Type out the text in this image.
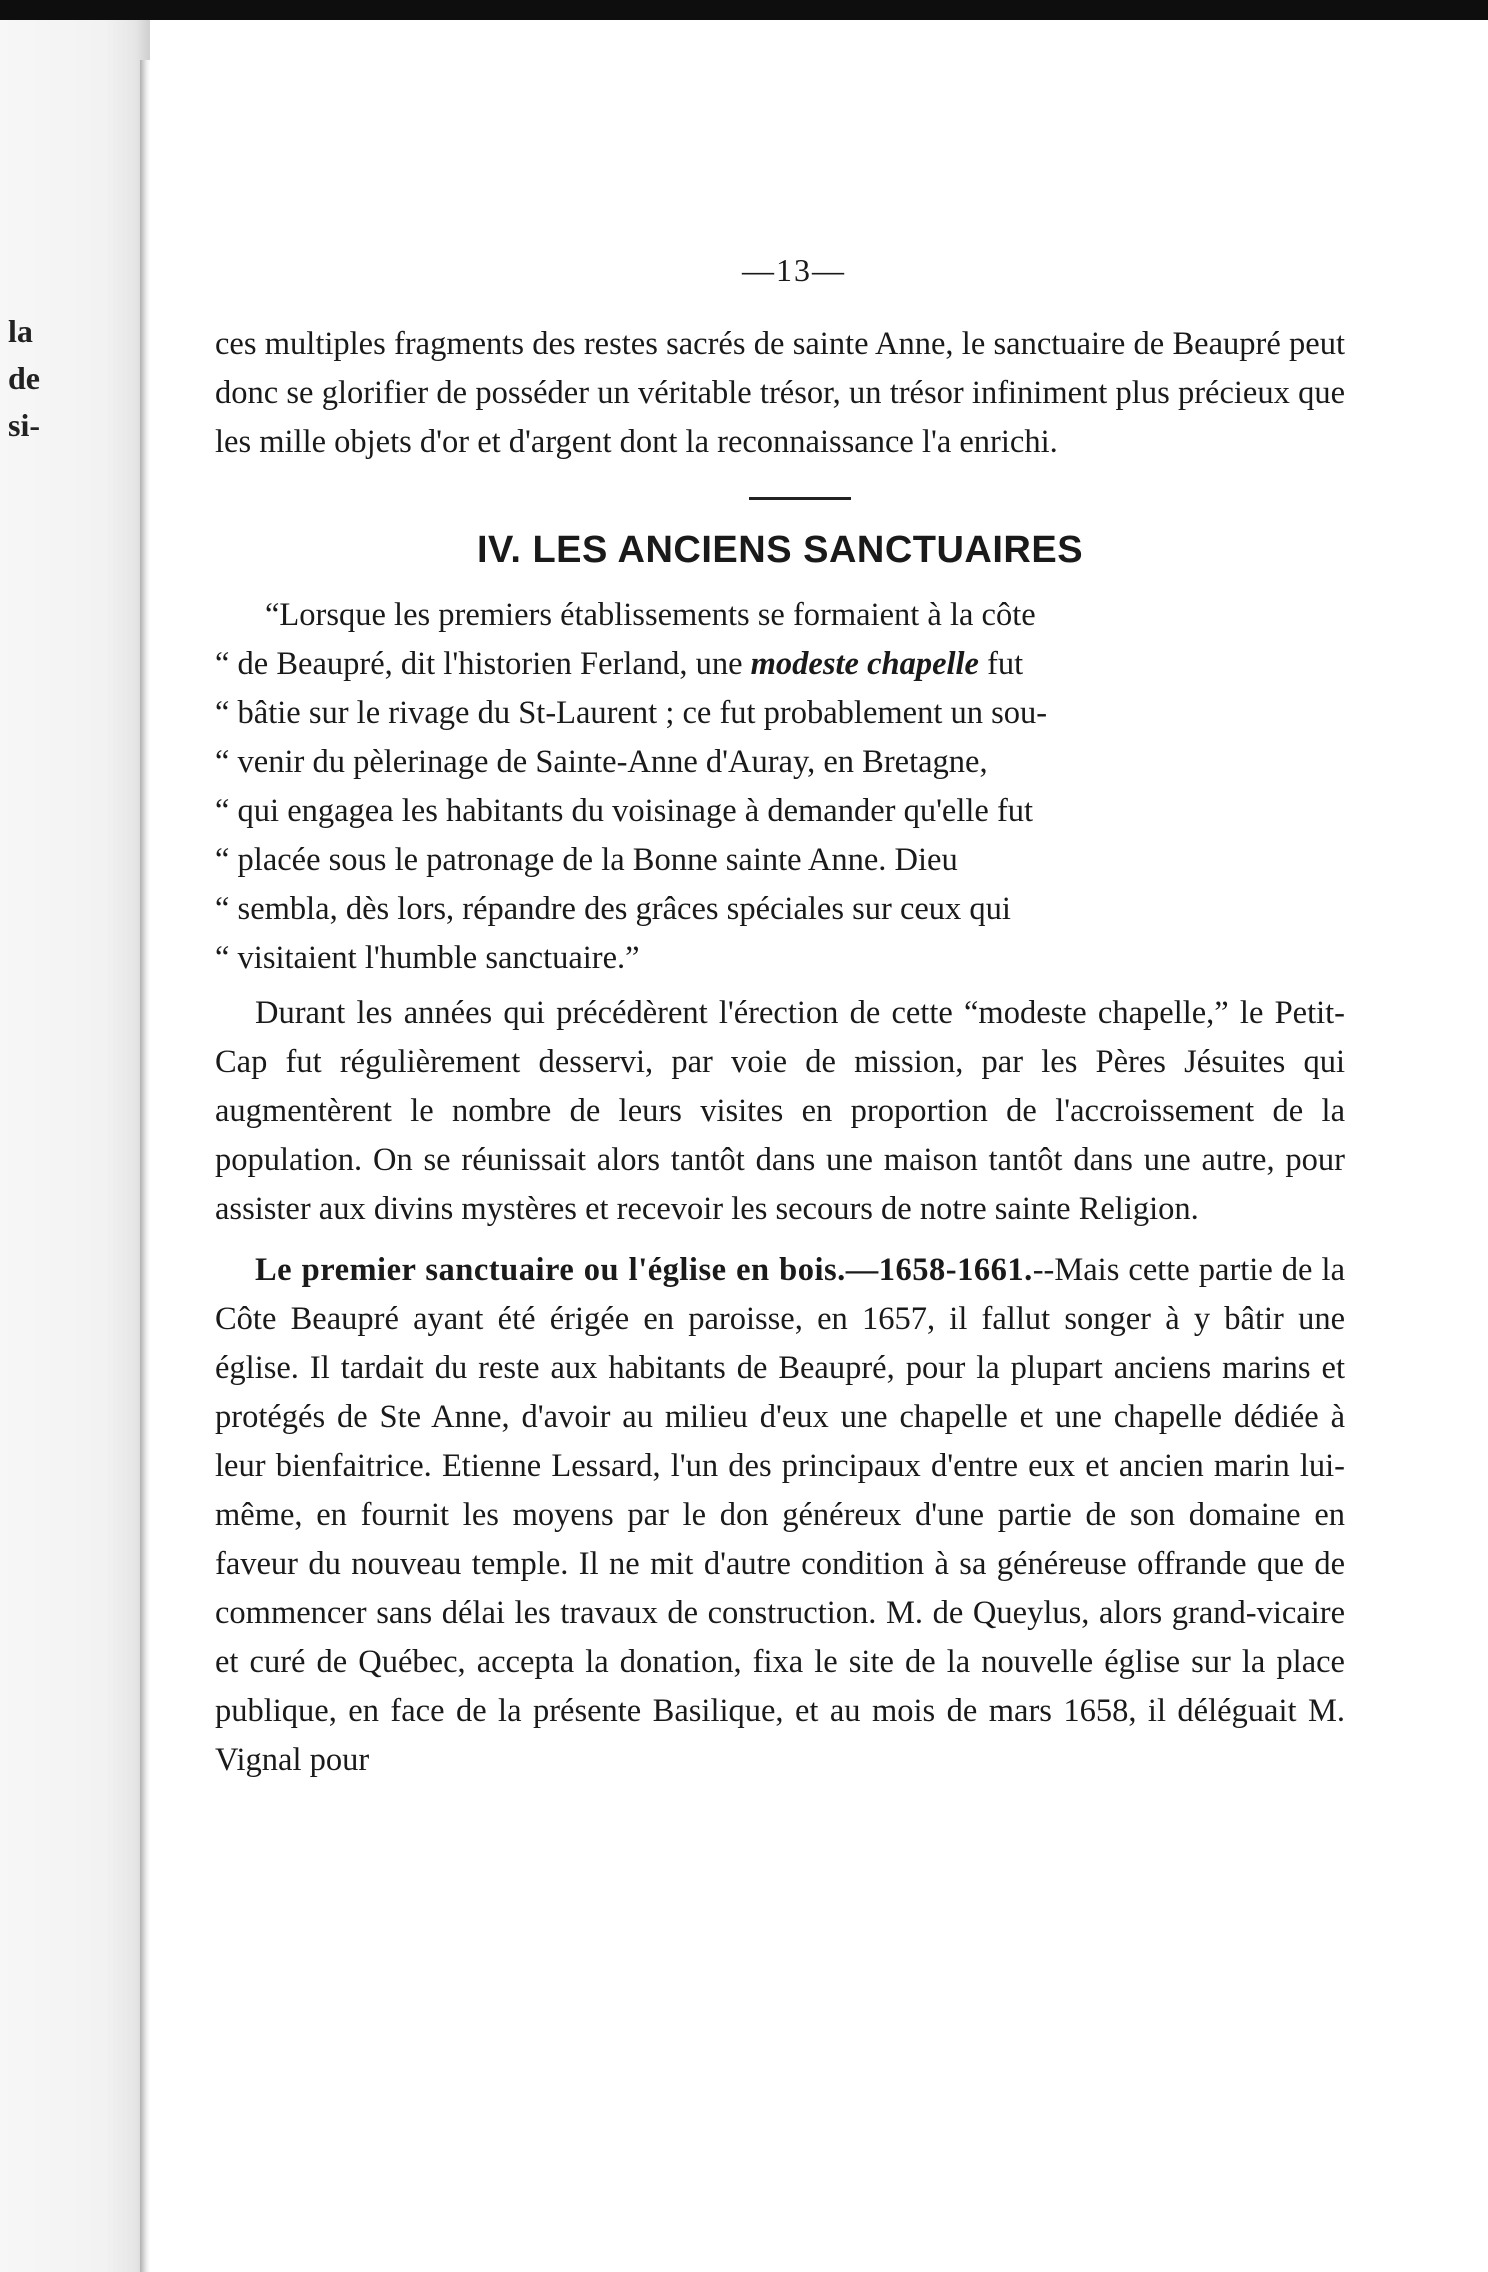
la
de
si-
—13—

ces multiples fragments des restes sacrés de sainte Anne, le sanctuaire de Beaupré peut donc se glorifier de posséder un véritable trésor, un trésor infiniment plus précieux que les mille objets d'or et d'argent dont la reconnaissance l'a enrichi.

IV. LES ANCIENS SANCTUAIRES

“Lorsque les premiers établissements se formaient à la côte
“ de Beaupré, dit l'historien Ferland, une modeste chapelle fut
“ bâtie sur le rivage du St-Laurent ; ce fut probablement un sou-
“ venir du pèlerinage de Sainte-Anne d'Auray, en Bretagne,
“ qui engagea les habitants du voisinage à demander qu'elle fut
“ placée sous le patronage de la Bonne sainte Anne. Dieu
“ sembla, dès lors, répandre des grâces spéciales sur ceux qui
“ visitaient l'humble sanctuaire.”

Durant les années qui précédèrent l'érection de cette “modeste chapelle,” le Petit-Cap fut régulièrement desservi, par voie de mission, par les Pères Jésuites qui augmentèrent le nombre de leurs visites en proportion de l'accroissement de la population. On se réunissait alors tantôt dans une maison tantôt dans une autre, pour assister aux divins mystères et recevoir les secours de notre sainte Religion.

Le premier sanctuaire ou l'église en bois.—1658-1661.--Mais cette partie de la Côte Beaupré ayant été érigée en paroisse, en 1657, il fallut songer à y bâtir une église. Il tardait du reste aux habitants de Beaupré, pour la plupart anciens marins et protégés de Ste Anne, d'avoir au milieu d'eux une chapelle et une chapelle dédiée à leur bienfaitrice. Etienne Lessard, l'un des principaux d'entre eux et ancien marin lui-même, en fournit les moyens par le don généreux d'une partie de son domaine en faveur du nouveau temple. Il ne mit d'autre condition à sa généreuse offrande que de commencer sans délai les travaux de construction. M. de Queylus, alors grand-vicaire et curé de Québec, accepta la donation, fixa le site de la nouvelle église sur la place publique, en face de la présente Basilique, et au mois de mars 1658, il déléguait M. Vignal pour
